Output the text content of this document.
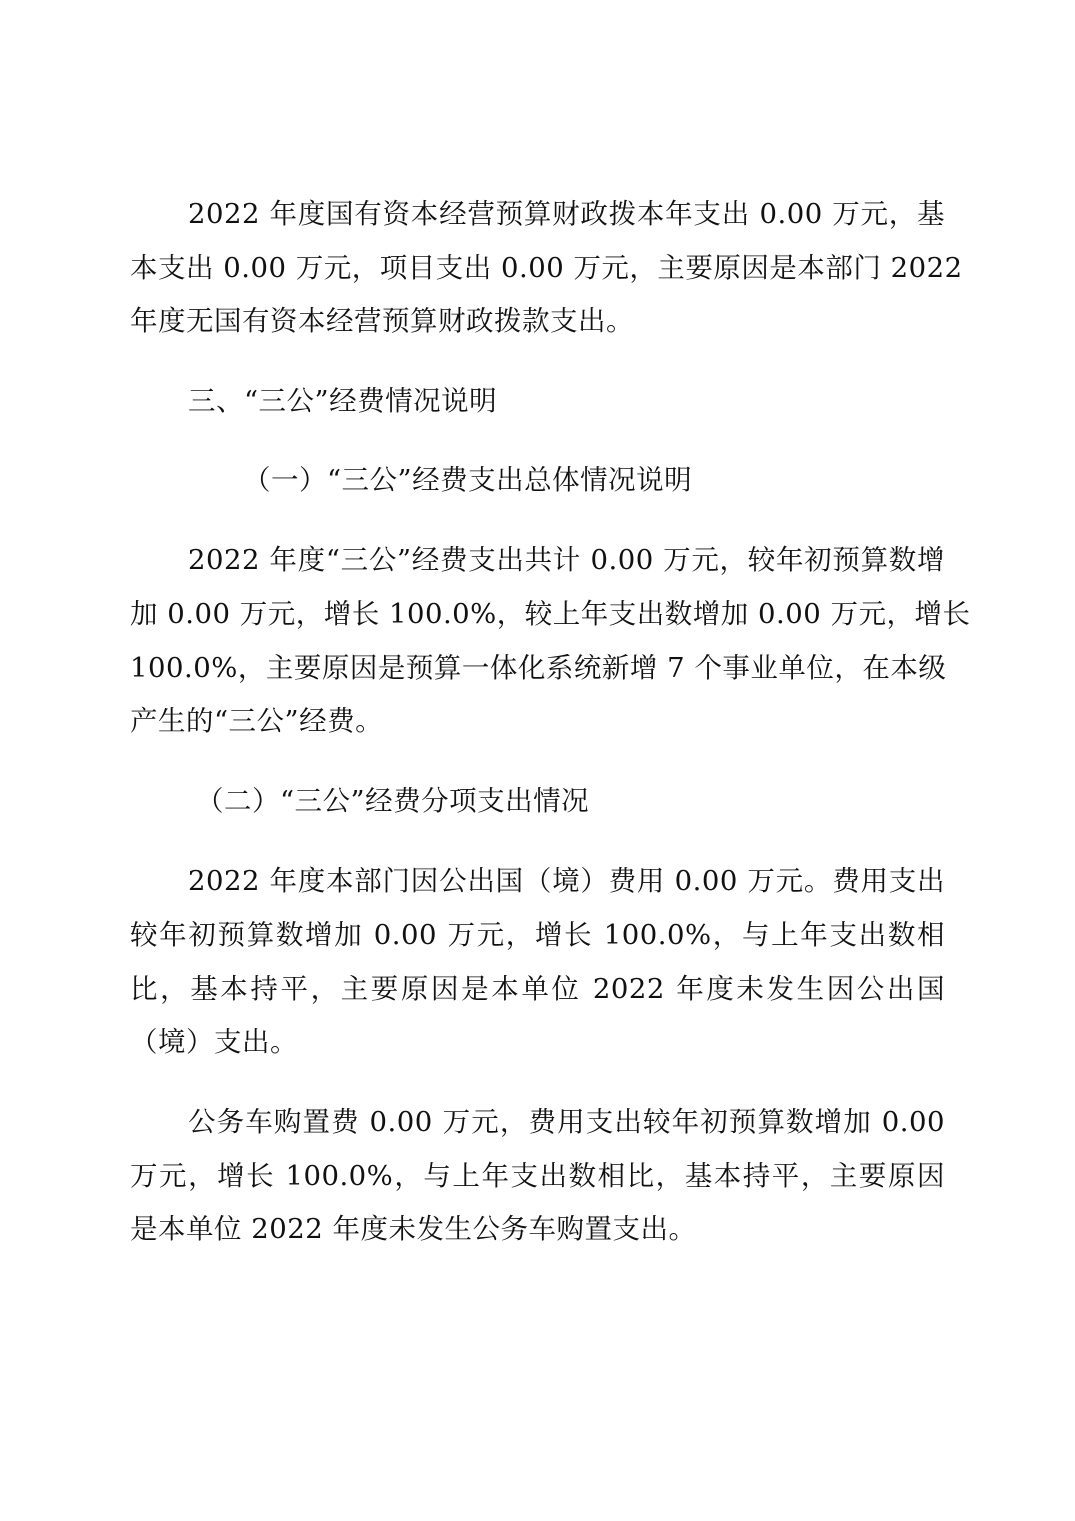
2022 年度国有资本经营预算财政拨本年支出 0.00 万元，基
本支出 0.00 万元，项目支出 0.00 万元，主要原因是本部门 2022
年度无国有资本经营预算财政拨款支出。
三、“三公”经费情况说明
（一）“三公”经费支出总体情况说明
2022 年度“三公”经费支出共计 0.00 万元，较年初预算数增
加 0.00 万元，增长 100.0%，较上年支出数增加 0.00 万元，增长
100.0%，主要原因是预算一体化系统新增 7 个事业单位，在本级
产生的“三公”经费。
（二）“三公”经费分项支出情况
2022 年度本部门因公出国（境）费用 0.00 万元。费用支出
较年初预算数增加 0.00 万元，增长 100.0%，与上年支出数相
比，基本持平，主要原因是本单位 2022 年度未发生因公出国
（境）支出。
公务车购置费 0.00 万元，费用支出较年初预算数增加 0.00
万元，增长 100.0%，与上年支出数相比，基本持平，主要原因
是本单位 2022 年度未发生公务车购置支出。
